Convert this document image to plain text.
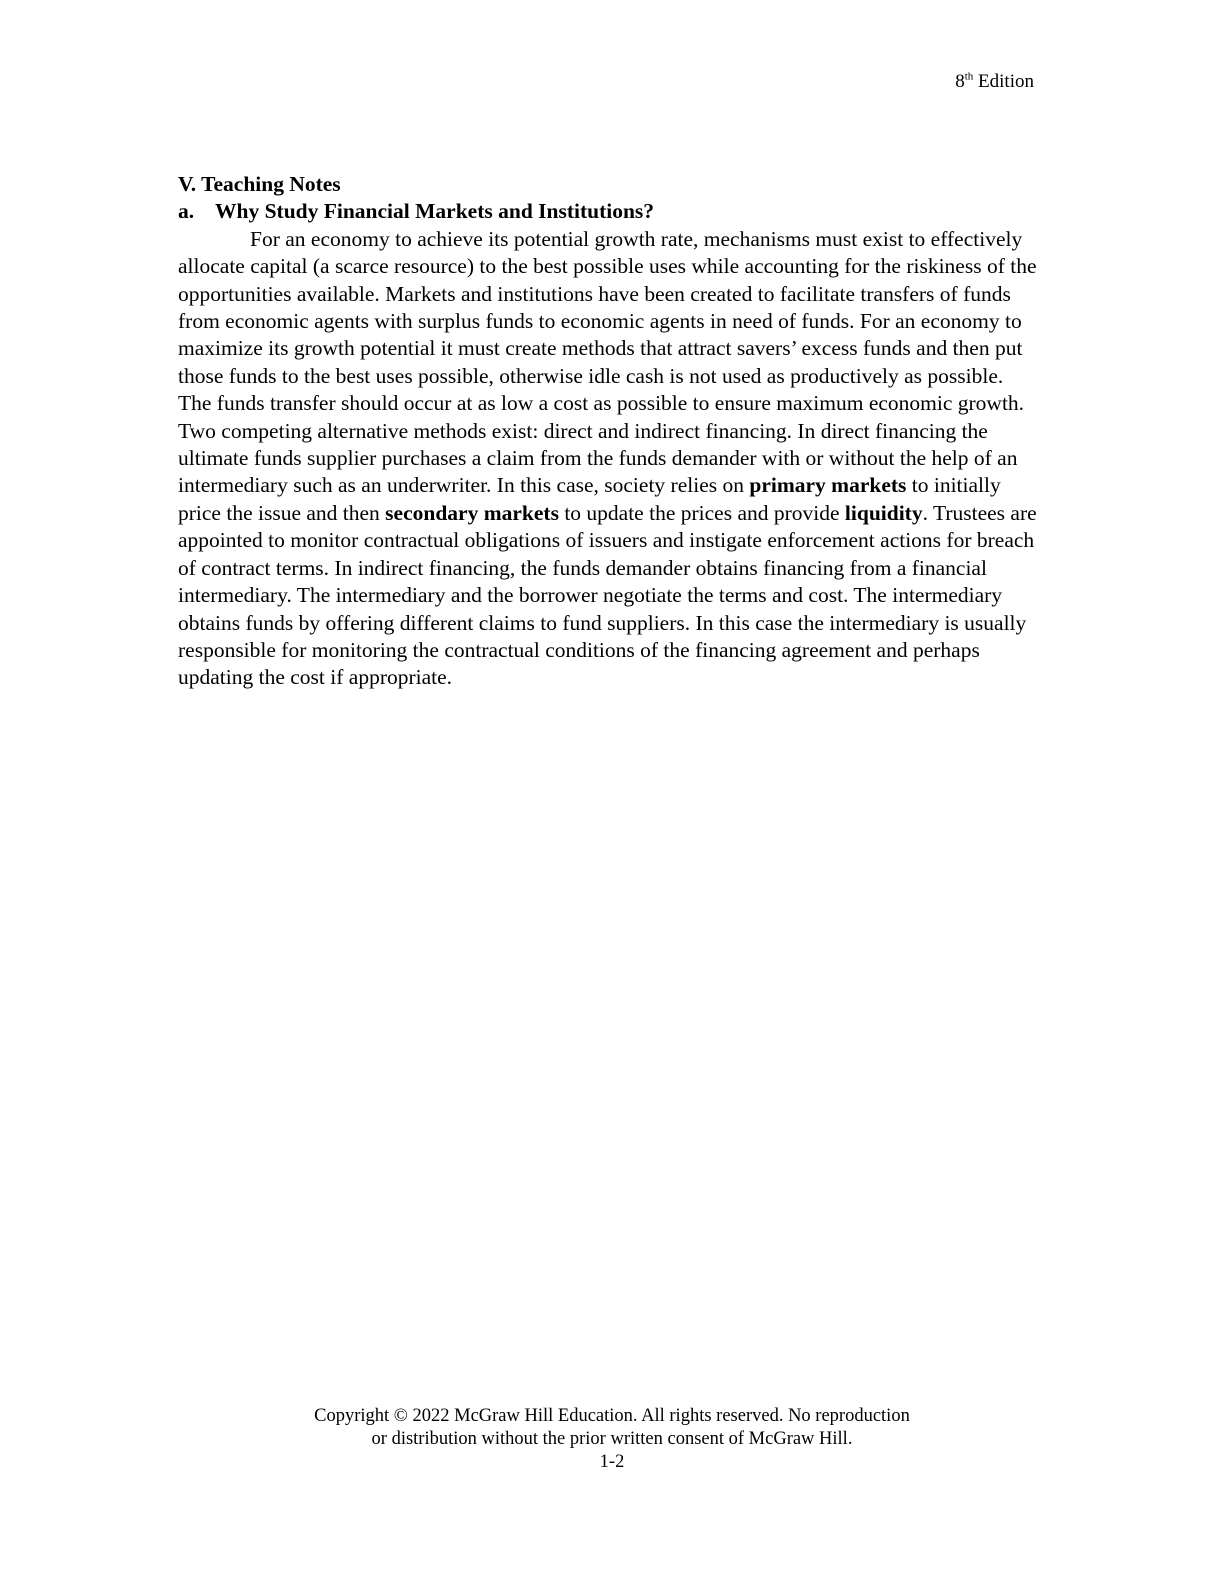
8th Edition

V. Teaching Notes

a. Why Study Financial Markets and Institutions?

For an economy to achieve its potential growth rate, mechanisms must exist to effectively allocate capital (a scarce resource) to the best possible uses while accounting for the riskiness of the opportunities available. Markets and institutions have been created to facilitate transfers of funds from economic agents with surplus funds to economic agents in need of funds. For an economy to maximize its growth potential it must create methods that attract savers’ excess funds and then put those funds to the best uses possible, otherwise idle cash is not used as productively as possible. The funds transfer should occur at as low a cost as possible to ensure maximum economic growth. Two competing alternative methods exist: direct and indirect financing. In direct financing the ultimate funds supplier purchases a claim from the funds demander with or without the help of an intermediary such as an underwriter. In this case, society relies on primary markets to initially price the issue and then secondary markets to update the prices and provide liquidity. Trustees are appointed to monitor contractual obligations of issuers and instigate enforcement actions for breach of contract terms. In indirect financing, the funds demander obtains financing from a financial intermediary. The intermediary and the borrower negotiate the terms and cost. The intermediary obtains funds by offering different claims to fund suppliers. In this case the intermediary is usually responsible for monitoring the contractual conditions of the financing agreement and perhaps updating the cost if appropriate.

Copyright © 2022 McGraw Hill Education. All rights reserved. No reproduction
or distribution without the prior written consent of McGraw Hill.
1-2
